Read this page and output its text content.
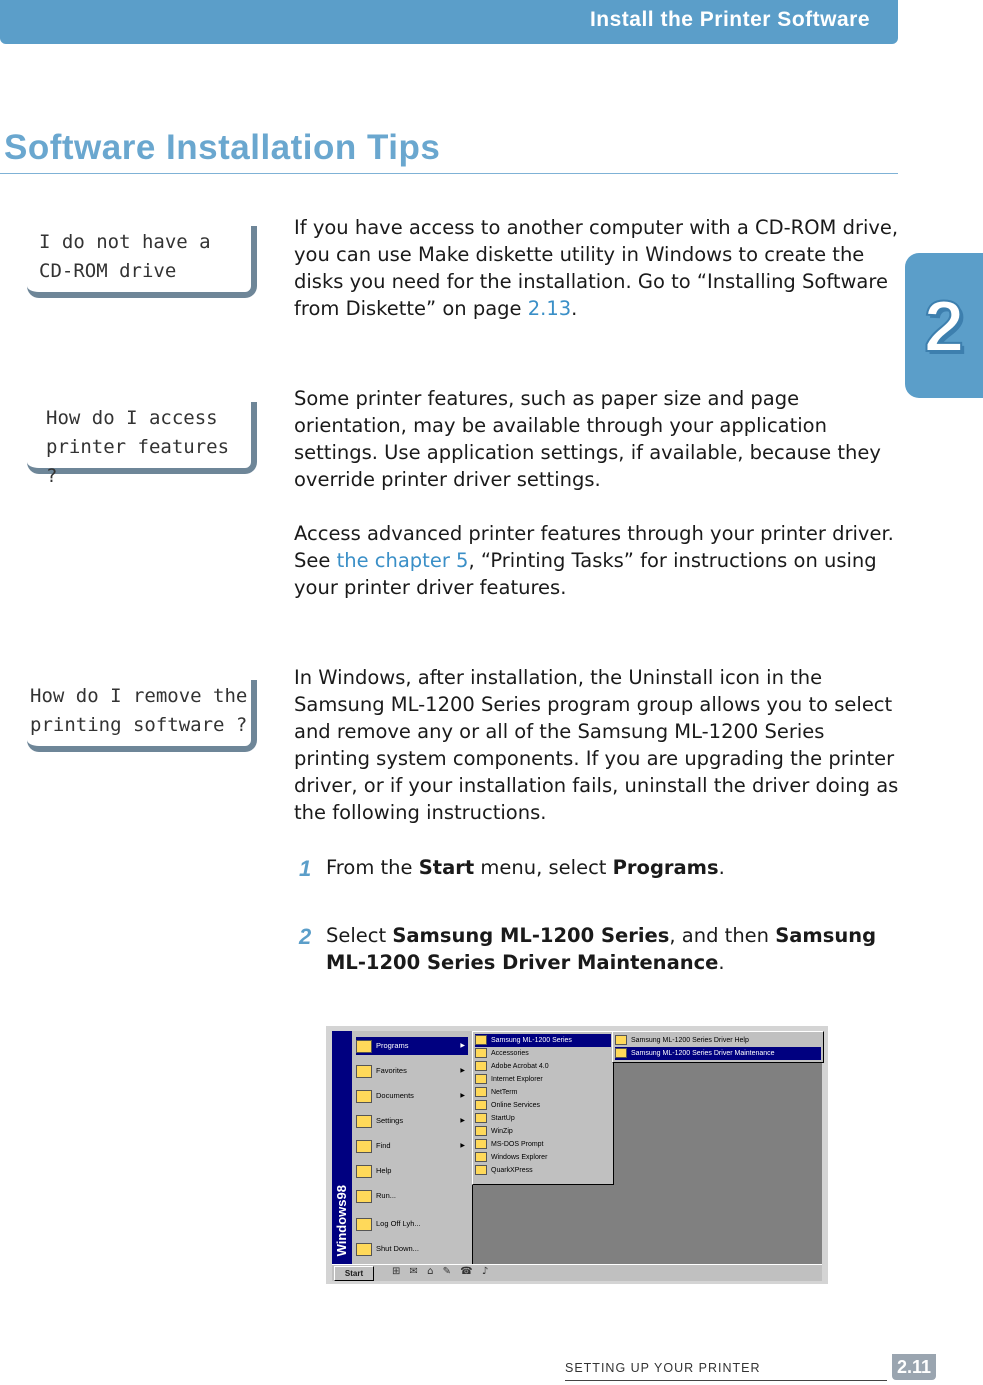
Install the Printer Software
Software Installation Tips
2

I do not have a
CD-ROM drive

If you have access to another computer with a CD-ROM drive, you can use Make diskette utility in Windows to create the disks you need for the installation. Go to “Installing Software from Diskette” on page 2.13.

How do I access
printer features ?

Some printer features, such as paper size and page orientation, may be available through your application settings. Use application settings, if available, because they override printer driver settings.

Access advanced printer features through your printer driver. See the chapter 5, “Printing Tasks” for instructions on using your printer driver features.

How do I remove the
printing software ?

In Windows, after installation, the Uninstall icon in the Samsung ML-1200 Series program group allows you to select and remove any or all of the Samsung ML-1200 Series printing system components. If you are upgrading the printer driver, or if your installation fails, uninstall the driver doing as the following instructions.

1 From the Start menu, select Programs.

2 Select Samsung ML-1200 Series, and then Samsung ML-1200 Series Driver Maintenance.

Windows98
Programs	▶
Favorites	▶
Documents	▶
Settings	▶
Find	▶
Help
Run...
Log Off Lyh...
Shut Down...
Samsung ML-1200 Series
Accessories
Adobe Acrobat 4.0
Internet Explorer
NetTerm
Online Services
StartUp
WinZip
MS-DOS Prompt
Windows Explorer
QuarkXPress
Samsung ML-1200 Series Driver Help
Samsung ML-1200 Series Driver Maintenance
Start	⊞ ✉ ⌂ ✎ ☎ ♪
SETTING UP YOUR PRINTER	2.11
